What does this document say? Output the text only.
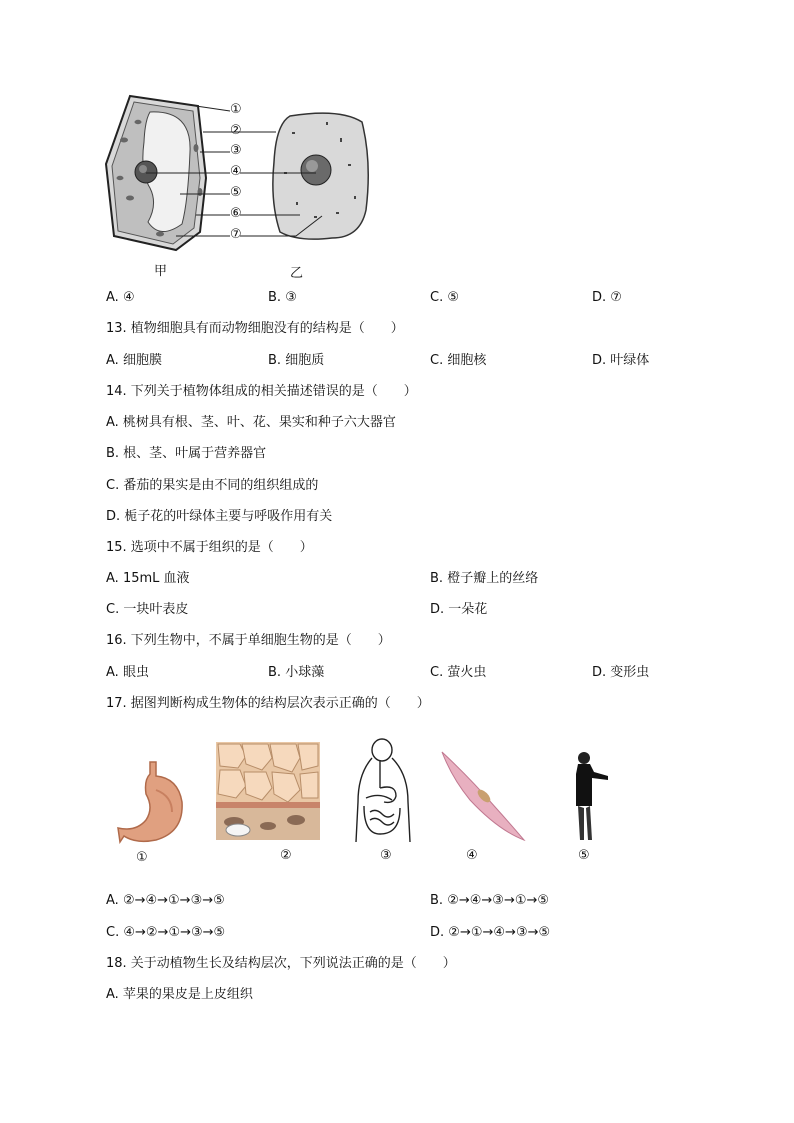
①
②
③
④
⑤
⑥
⑦
甲	乙
A. ④	B. ③	C. ⑤	D. ⑦
13. 植物细胞具有而动物细胞没有的结构是（　　）
A. 细胞膜	B. 细胞质	C. 细胞核	D. 叶绿体
14. 下列关于植物体组成的相关描述错误的是（　　）
A. 桃树具有根、茎、叶、花、果实和种子六大器官
B. 根、茎、叶属于营养器官
C. 番茄的果实是由不同的组织组成的
D. 栀子花的叶绿体主要与呼吸作用有关
15. 选项中不属于组织的是（　　）
A. 15mL 血液	B. 橙子瓣上的丝络
C. 一块叶表皮	D. 一朵花
16. 下列生物中，不属于单细胞生物的是（　　）
A. 眼虫	B. 小球藻	C. 萤火虫	D. 变形虫
17. 据图判断构成生物体的结构层次表示正确的（　　）
①	②	③	④	⑤
A. ②→④→①→③→⑤	B. ②→④→③→①→⑤
C. ④→②→①→③→⑤	D. ②→①→④→③→⑤
18. 关于动植物生长及结构层次，下列说法正确的是（　　）
A. 苹果的果皮是上皮组织
